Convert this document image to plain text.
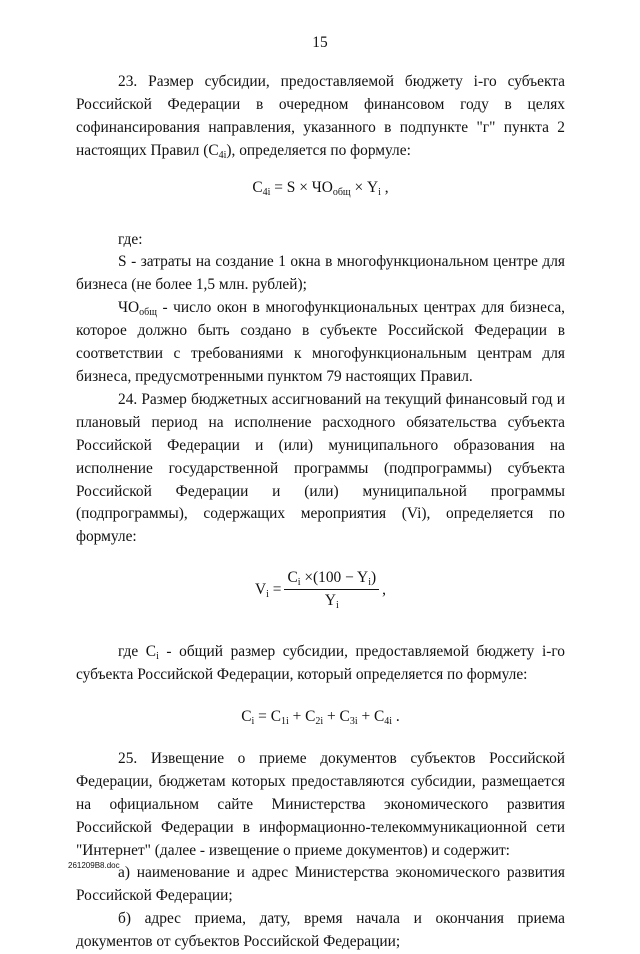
15

23. Размер субсидии, предоставляемой бюджету i-го субъекта Российской Федерации в очередном финансовом году в целях софинансирования направления, указанного в подпункте "г" пункта 2 настоящих Правил $(C_{4i})$, определяется по формуле:

$C_{4i} = S \times ЧО_{общ} \times Y_i$ ,

где:

S - затраты на создание 1 окна в многофункциональном центре для бизнеса (не более 1,5 млн. рублей);

$ЧО_{общ}$ - число окон в многофункциональных центрах для бизнеса, которое должно быть создано в субъекте Российской Федерации в соответствии с требованиями к многофункциональным центрам для бизнеса, предусмотренными пунктом 79 настоящих Правил.

24. Размер бюджетных ассигнований на текущий финансовый год и плановый период на исполнение расходного обязательства субъекта Российской Федерации и (или) муниципального образования на исполнение государственной программы (подпрограммы) субъекта Российской Федерации и (или) муниципальной программы (подпрограммы), содержащих мероприятия (Vi), определяется по формуле:

$V_i = \frac{C_i \times(100 - Y_i)}{Y_i}$ ,

где $C_i$ - общий размер субсидии, предоставляемой бюджету i-го субъекта Российской Федерации, который определяется по формуле:

$C_i = C_{1i} + C_{2i} + C_{3i} + C_{4i}$ .

25. Извещение о приеме документов субъектов Российской Федерации, бюджетам которых предоставляются субсидии, размещается на официальном сайте Министерства экономического развития Российской Федерации в информационно-телекоммуникационной сети "Интернет" (далее - извещение о приеме документов) и содержит:

а) наименование и адрес Министерства экономического развития Российской Федерации;

б) адрес приема, дату, время начала и окончания приема документов от субъектов Российской Федерации;

261209B8.doc
